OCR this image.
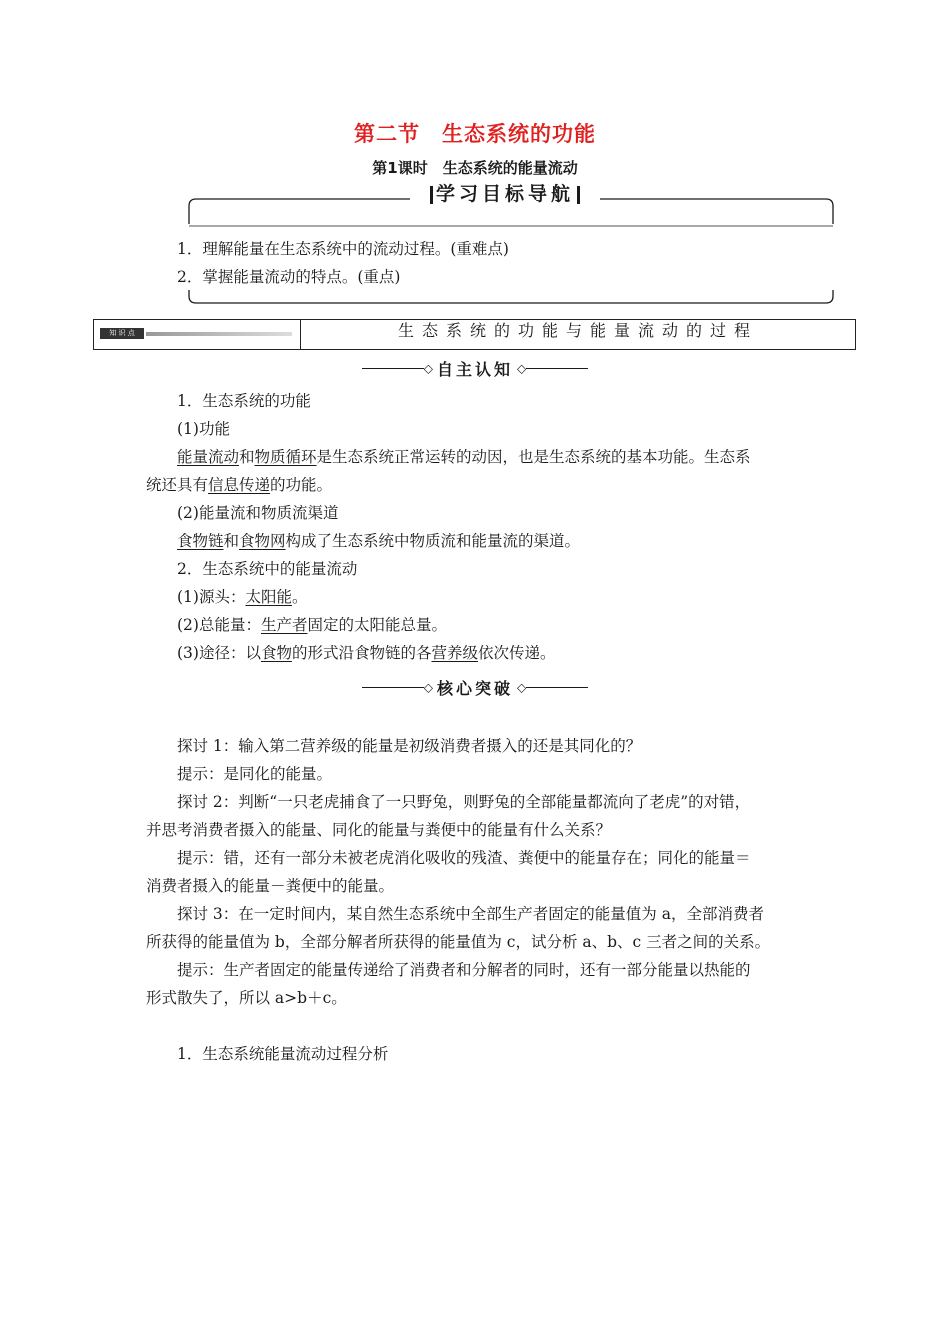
第二节　生态系统的功能
第1课时　生态系统的能量流动
学习目标导航
1．理解能量在生态系统中的流动过程。(重难点)
2．掌握能量流动的特点。(重点)
知 识 点	生态系统的功能与能量流动的过程
◇ 自主认知 ◇
1．生态系统的功能
(1)功能
能量流动和物质循环是生态系统正常运转的动因，也是生态系统的基本功能。生态系
统还具有信息传递的功能。
(2)能量流和物质流渠道
食物链和食物网构成了生态系统中物质流和能量流的渠道。
2．生态系统中的能量流动
(1)源头：太阳能。
(2)总能量：生产者固定的太阳能总量。
(3)途径：以食物的形式沿食物链的各营养级依次传递。
◇ 核心突破 ◇
探讨 1：输入第二营养级的能量是初级消费者摄入的还是其同化的？
提示：是同化的能量。
探讨 2：判断“一只老虎捕食了一只野兔，则野兔的全部能量都流向了老虎”的对错，
并思考消费者摄入的能量、同化的能量与粪便中的能量有什么关系？
提示：错，还有一部分未被老虎消化吸收的残渣、粪便中的能量存在；同化的能量＝
消费者摄入的能量－粪便中的能量。
探讨 3：在一定时间内，某自然生态系统中全部生产者固定的能量值为 a，全部消费者
所获得的能量值为 b，全部分解者所获得的能量值为 c，试分析 a、b、c 三者之间的关系。
提示：生产者固定的能量传递给了消费者和分解者的同时，还有一部分能量以热能的
形式散失了，所以 a>b＋c。
1．生态系统能量流动过程分析
